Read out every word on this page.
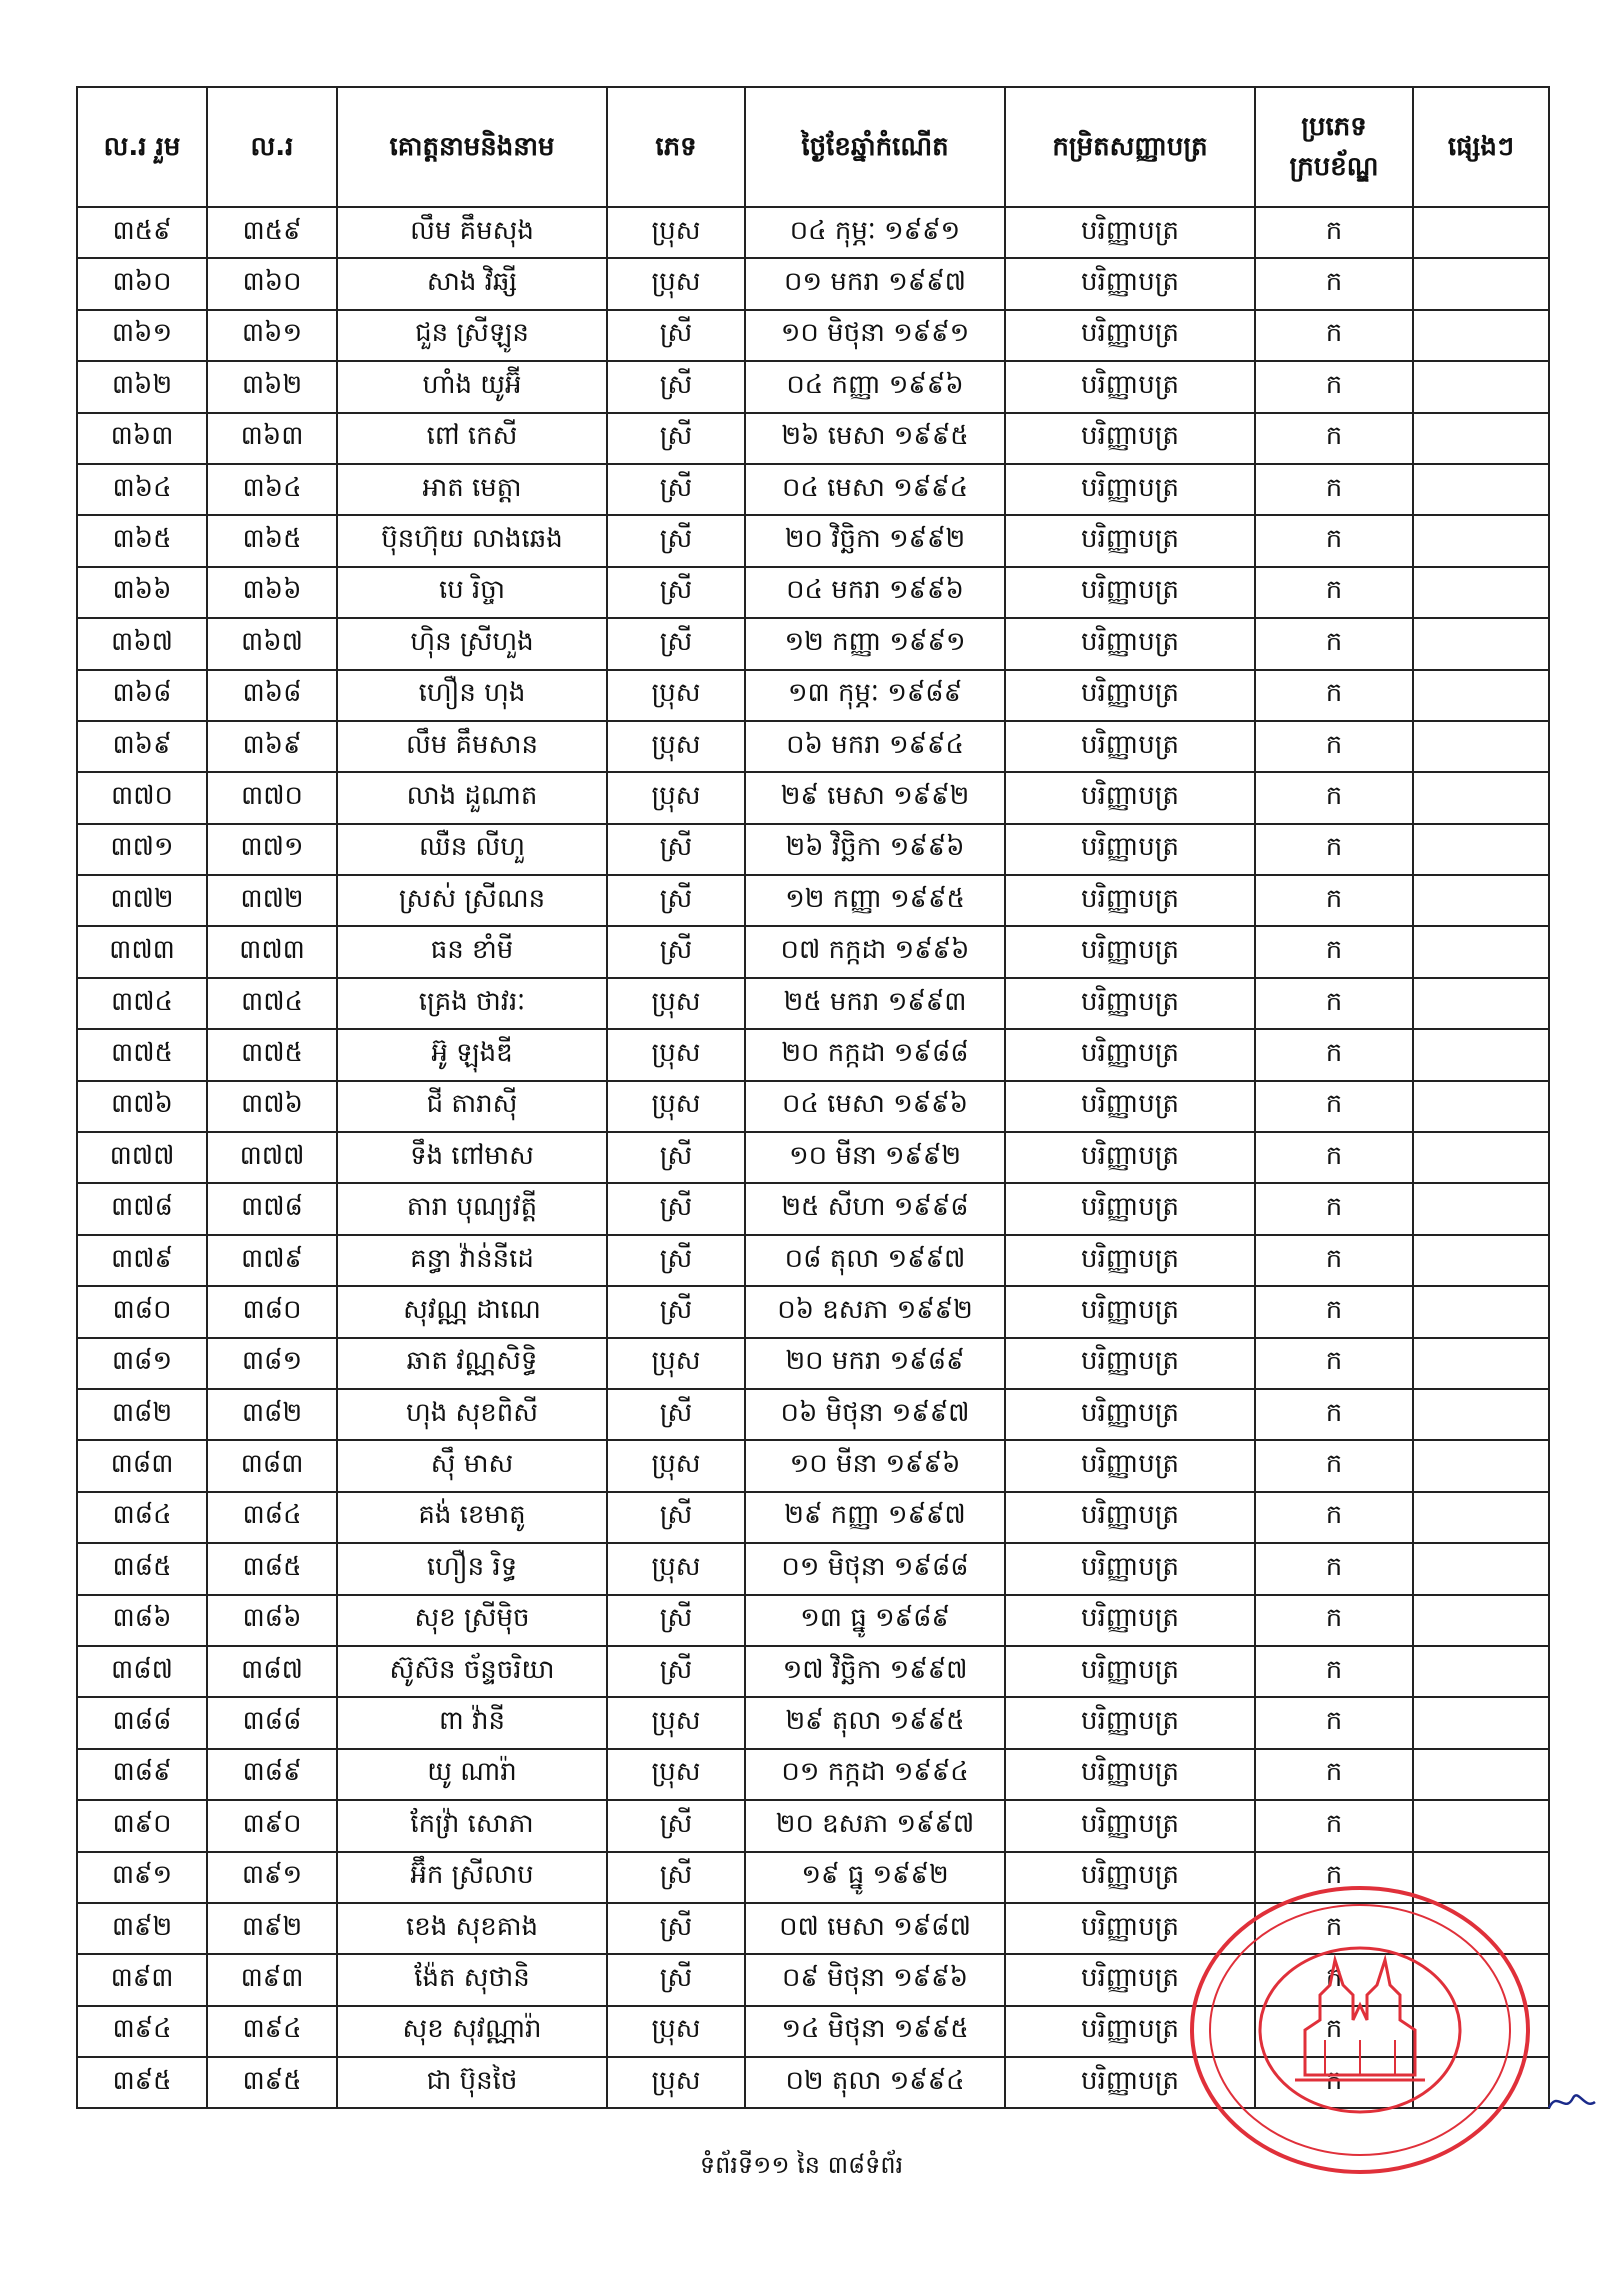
ល.រ រួម	ល.រ	គោត្តនាមនិងនាម	ភេទ	ថ្ងៃខែឆ្នាំកំណើត	កម្រិតសញ្ញាបត្រ	ប្រភេទក្របខ័ណ្ឌ	ផ្សេងៗ
៣៥៩	៣៥៩	លឹម គឹមសុង	ប្រុស	០៤ កុម្ភៈ ១៩៩១	បរិញ្ញាបត្រ	ក	
៣៦០	៣៦០	សាង វិឆ្សី	ប្រុស	០១ មករា ១៩៩៧	បរិញ្ញាបត្រ	ក	
៣៦១	៣៦១	ជួន ស្រីឡូន	ស្រី	១០ មិថុនា ១៩៩១	បរិញ្ញាបត្រ	ក	
៣៦២	៣៦២	ហាំង យូអ៊ី	ស្រី	០៤ កញ្ញា ១៩៩៦	បរិញ្ញាបត្រ	ក	
៣៦៣	៣៦៣	ពៅ កេសី	ស្រី	២៦ មេសា ១៩៩៥	បរិញ្ញាបត្រ	ក	
៣៦៤	៣៦៤	អាត មេត្តា	ស្រី	០៤ មេសា ១៩៩៤	បរិញ្ញាបត្រ	ក	
៣៦៥	៣៦៥	ប៊ុនហ៊ុយ លាងឆេង	ស្រី	២០ វិច្ឆិកា ១៩៩២	បរិញ្ញាបត្រ	ក	
៣៦៦	៣៦៦	បេ រិច្ចា	ស្រី	០៤ មករា ១៩៩៦	បរិញ្ញាបត្រ	ក	
៣៦៧	៣៦៧	ហ៊ិន ស្រីហួង	ស្រី	១២ កញ្ញា ១៩៩១	បរិញ្ញាបត្រ	ក	
៣៦៨	៣៦៨	ហឿន ហុង	ប្រុស	១៣ កុម្ភៈ ១៩៨៩	បរិញ្ញាបត្រ	ក	
៣៦៩	៣៦៩	លឹម គឹមសាន	ប្រុស	០៦ មករា ១៩៩៤	បរិញ្ញាបត្រ	ក	
៣៧០	៣៧០	លាង ដួណាត	ប្រុស	២៩ មេសា ១៩៩២	បរិញ្ញាបត្រ	ក	
៣៧១	៣៧១	ឈឺន លីហួ	ស្រី	២៦ វិច្ឆិកា ១៩៩៦	បរិញ្ញាបត្រ	ក	
៣៧២	៣៧២	ស្រស់ ស្រីណន	ស្រី	១២ កញ្ញា ១៩៩៥	បរិញ្ញាបត្រ	ក	
៣៧៣	៣៧៣	ធន ខាំមី	ស្រី	០៧ កក្កដា ១៩៩៦	បរិញ្ញាបត្រ	ក	
៣៧៤	៣៧៤	គ្រេង ថាវរៈ	ប្រុស	២៥ មករា ១៩៩៣	បរិញ្ញាបត្រ	ក	
៣៧៥	៣៧៥	អ៊ូ ឡុងឌី	ប្រុស	២០ កក្កដា ១៩៨៨	បរិញ្ញាបត្រ	ក	
៣៧៦	៣៧៦	ជី តារាស៊ី	ប្រុស	០៤ មេសា ១៩៩៦	បរិញ្ញាបត្រ	ក	
៣៧៧	៣៧៧	ទឹង ពៅមាស	ស្រី	១០ មីនា ១៩៩២	បរិញ្ញាបត្រ	ក	
៣៧៨	៣៧៨	តារា បុណ្យវត្តី	ស្រី	២៥ សីហា ១៩៩៨	បរិញ្ញាបត្រ	ក	
៣៧៩	៣៧៩	គន្ធា វ៉ាន់នីដេ	ស្រី	០៨ តុលា ១៩៩៧	បរិញ្ញាបត្រ	ក	
៣៨០	៣៨០	សុវណ្ណ ដាណេ	ស្រី	០៦ ឧសភា ១៩៩២	បរិញ្ញាបត្រ	ក	
៣៨១	៣៨១	ឆាត វណ្ណសិទ្ធិ	ប្រុស	២០ មករា ១៩៨៩	បរិញ្ញាបត្រ	ក	
៣៨២	៣៨២	ហុង សុខពិសី	ស្រី	០៦ មិថុនា ១៩៩៧	បរិញ្ញាបត្រ	ក	
៣៨៣	៣៨៣	ស៊ឹ មាស	ប្រុស	១០ មីនា ១៩៩៦	បរិញ្ញាបត្រ	ក	
៣៨៤	៣៨៤	គង់ ខេមាតូ	ស្រី	២៩ កញ្ញា ១៩៩៧	បរិញ្ញាបត្រ	ក	
៣៨៥	៣៨៥	ហឿន រិទ្ធ	ប្រុស	០១ មិថុនា ១៩៨៨	បរិញ្ញាបត្រ	ក	
៣៨៦	៣៨៦	សុខ ស្រីម៉ិច	ស្រី	១៣ ធ្នូ ១៩៨៩	បរិញ្ញាបត្រ	ក	
៣៨៧	៣៨៧	ស៊ូស៊ន ច័ន្ទចរិយា	ស្រី	១៧ វិច្ឆិកា ១៩៩៧	បរិញ្ញាបត្រ	ក	
៣៨៨	៣៨៨	ពា វ៉ានី	ប្រុស	២៩ តុលា ១៩៩៥	បរិញ្ញាបត្រ	ក	
៣៨៩	៣៨៩	យូ ណារ៉ា	ប្រុស	០១ កក្កដា ១៩៩៤	បរិញ្ញាបត្រ	ក	
៣៩០	៣៩០	កែវ្រ៉ា សោភា	ស្រី	២០ ឧសភា ១៩៩៧	បរិញ្ញាបត្រ	ក	
៣៩១	៣៩១	អ៊ឹក ស្រីលាប	ស្រី	១៩ ធ្នូ ១៩៩២	បរិញ្ញាបត្រ	ក	
៣៩២	៣៩២	ខេង សុខគាង	ស្រី	០៧ មេសា ១៩៨៧	បរិញ្ញាបត្រ	ក	
៣៩៣	៣៩៣	ង៉ែត សុថានិ	ស្រី	០៩ មិថុនា ១៩៩៦	បរិញ្ញាបត្រ	ក	
៣៩៤	៣៩៤	សុខ សុវណ្ណារ៉ា	ប្រុស	១៤ មិថុនា ១៩៩៥	បរិញ្ញាបត្រ	ក	
៣៩៥	៣៩៥	ជា ប៊ុនថៃ	ប្រុស	០២ តុលា ១៩៩៤	បរិញ្ញាបត្រ	ក	
ទំព័រទី១១ នៃ ៣៨ទំព័រ
